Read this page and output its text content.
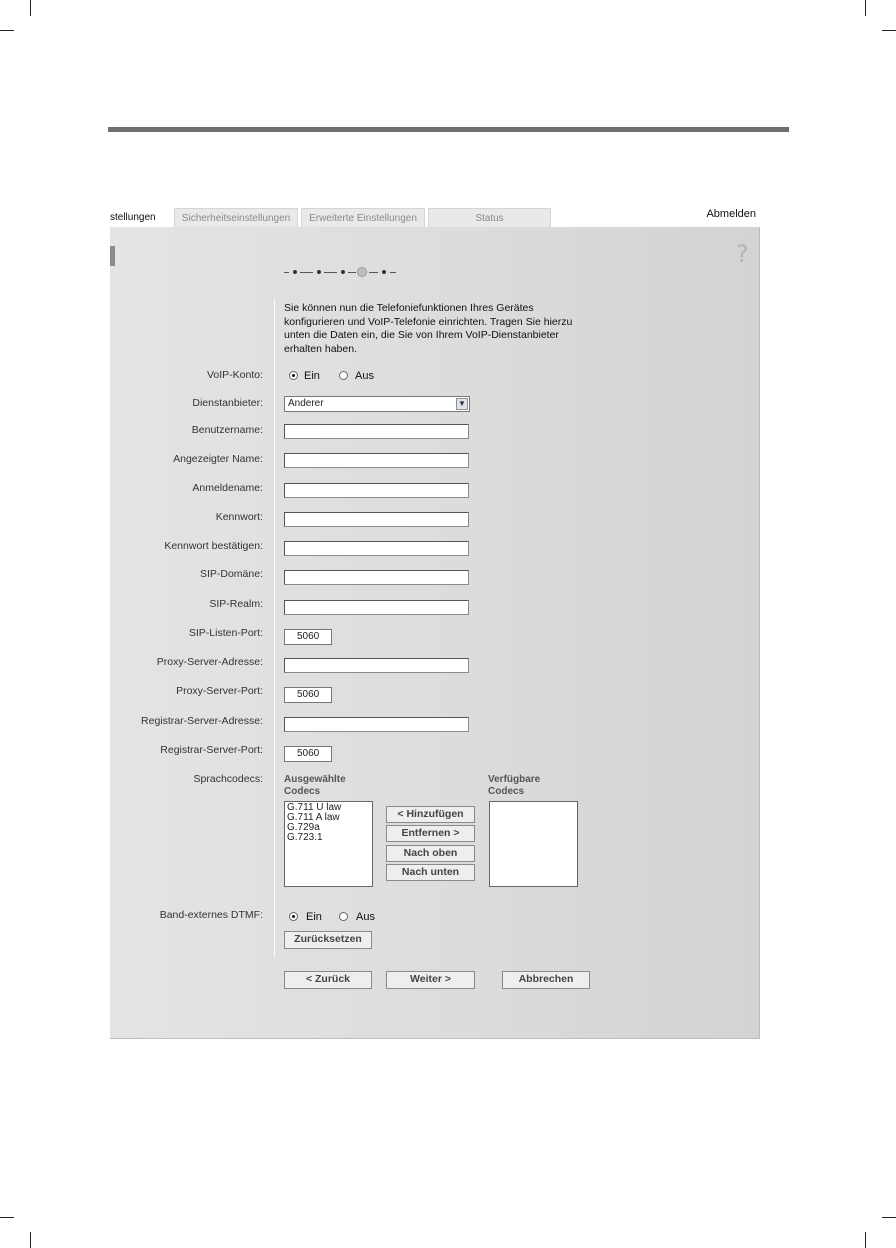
stellungen	Sicherheitseinstellungen	Erweiterte Einstellungen	Status	Abmelden
?
Sie können nun die Telefoniefunktionen Ihres Gerätes konfigurieren und VoIP-Telefonie einrichten. Tragen Sie hierzu unten die Daten ein, die Sie von Ihrem VoIP-Dienstanbieter erhalten haben.
VoIP-Konto:	Ein	Aus
Dienstanbieter:	Anderer	▼
Benutzername:
Angezeigter Name:
Anmeldename:
Kennwort:
Kennwort bestätigen:
SIP-Domäne:
SIP-Realm:
SIP-Listen-Port:	5060
Proxy-Server-Adresse:
Proxy-Server-Port:	5060
Registrar-Server-Adresse:
Registrar-Server-Port:	5060
Sprachcodecs: Ausgewählte
Codecs
Verfügbare
Codecs
G.711 U law
G.711 A law
G.729a
G.723.1
< Hinzufügen
Entfernen >
Nach oben
Nach unten
Band-externes DTMF:	Ein	Aus
Zurücksetzen
< Zurück	Weiter >	Abbrechen
